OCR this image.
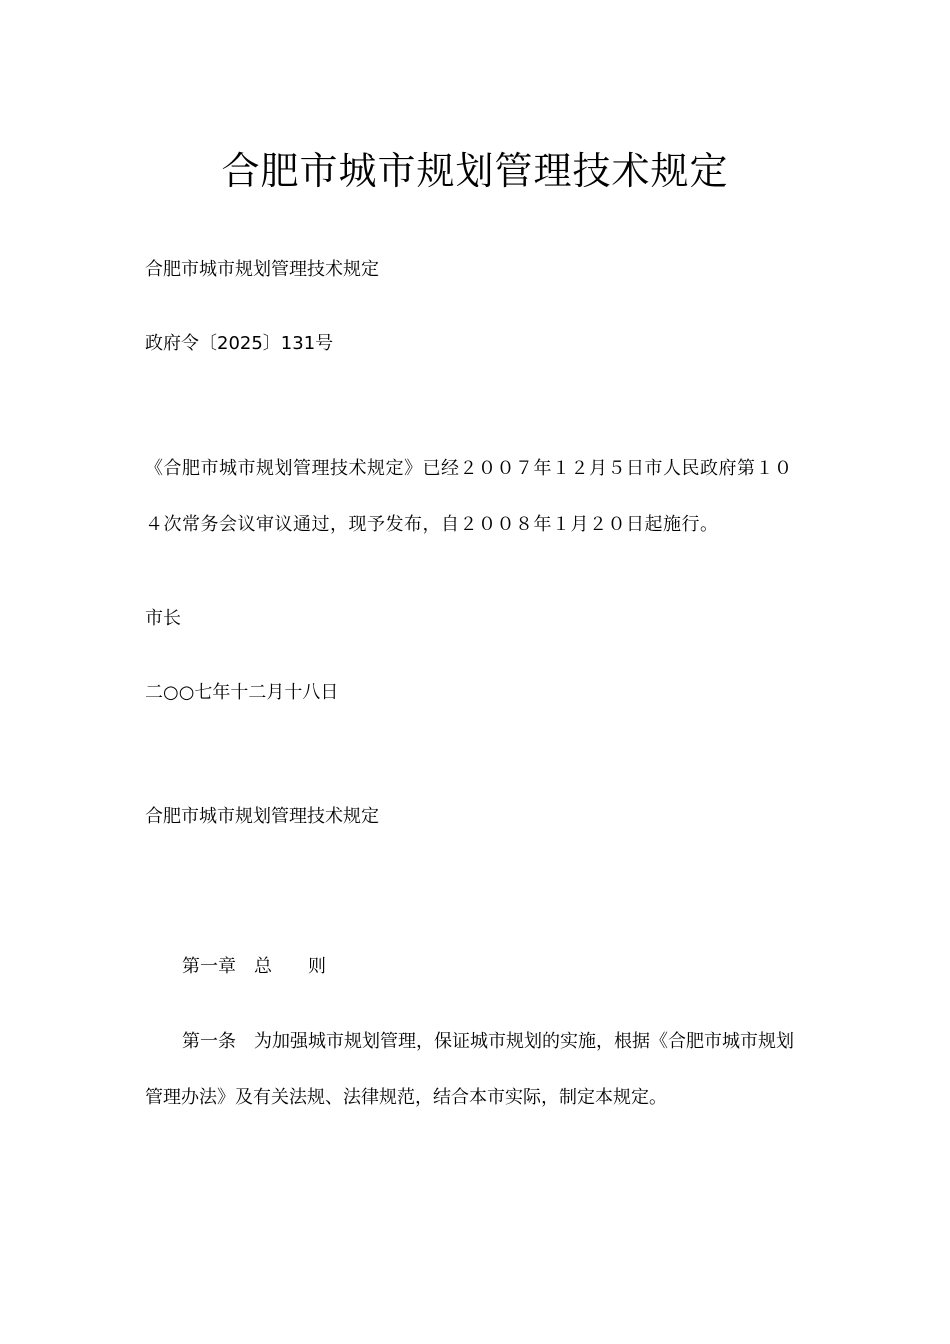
合肥市城市规划管理技术规定
合肥市城市规划管理技术规定
政府令〔2025〕131号
《合肥市城市规划管理技术规定》已经２００７年１２月５日市人民政府第１０４次常务会议审议通过，现予发布，自２００８年１月２０日起施行。
市长
二○○七年十二月十八日
合肥市城市规划管理技术规定
第一章　总　　则
第一条　为加强城市规划管理，保证城市规划的实施，根据《合肥市城市规划管理办法》及有关法规、法律规范，结合本市实际，制定本规定。
